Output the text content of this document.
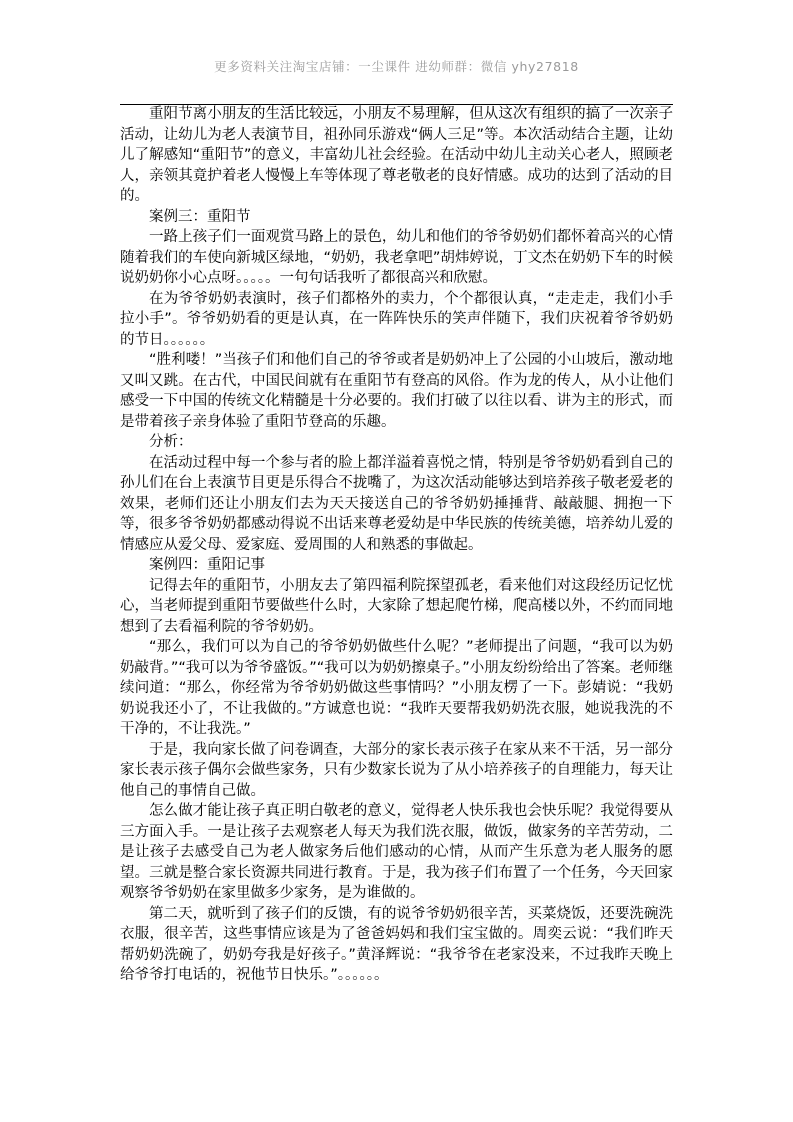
更多资料关注淘宝店铺：一尘课件 进幼师群：微信 yhy27818

重阳节离小朋友的生活比较远，小朋友不易理解，但从这次有组织的搞了一次亲子活动，让幼儿为老人表演节目，祖孙同乐游戏“俩人三足”等。本次活动结合主题，让幼儿了解感知“重阳节”的意义，丰富幼儿社会经验。在活动中幼儿主动关心老人，照顾老人，亲领其竟护着老人慢慢上车等体现了尊老敬老的良好情感。成功的达到了活动的目的。

案例三：重阳节

一路上孩子们一面观赏马路上的景色，幼儿和他们的爷爷奶奶们都怀着高兴的心情随着我们的车使向新城区绿地，“奶奶，我老拿吧”胡炜婷说，丁文杰在奶奶下车的时候说奶奶你小心点呀。。。。。一句句话我听了都很高兴和欣慰。

在为爷爷奶奶表演时，孩子们都格外的卖力，个个都很认真，“走走走，我们小手拉小手”。爷爷奶奶看的更是认真，在一阵阵快乐的笑声伴随下，我们庆祝着爷爷奶奶的节日。。。。。。

“胜利喽！”当孩子们和他们自己的爷爷或者是奶奶冲上了公园的小山坡后，激动地又叫又跳。在古代，中国民间就有在重阳节有登高的风俗。作为龙的传人，从小让他们感受一下中国的传统文化精髓是十分必要的。我们打破了以往以看、讲为主的形式，而是带着孩子亲身体验了重阳节登高的乐趣。

分析：

在活动过程中每一个参与者的脸上都洋溢着喜悦之情，特别是爷爷奶奶看到自己的孙儿们在台上表演节目更是乐得合不拢嘴了，为这次活动能够达到培养孩子敬老爱老的效果，老师们还让小朋友们去为天天接送自己的爷爷奶奶捶捶背、敲敲腿、拥抱一下等，很多爷爷奶奶都感动得说不出话来尊老爱幼是中华民族的传统美德，培养幼儿爱的情感应从爱父母、爱家庭、爱周围的人和熟悉的事做起。

案例四：重阳记事

记得去年的重阳节，小朋友去了第四福利院探望孤老，看来他们对这段经历记忆忧心，当老师提到重阳节要做些什么时，大家除了想起爬竹梯，爬高楼以外，不约而同地想到了去看福利院的爷爷奶奶。

“那么，我们可以为自己的爷爷奶奶做些什么呢？”老师提出了问题，“我可以为奶奶敲背。”“我可以为爷爷盛饭。”“我可以为奶奶擦桌子。”小朋友纷纷给出了答案。老师继续问道：“那么，你经常为爷爷奶奶做这些事情吗？”小朋友楞了一下。彭婧说：“我奶奶说我还小了，不让我做的。”方诚意也说：“我昨天要帮我奶奶洗衣服，她说我洗的不干净的，不让我洗。”

于是，我向家长做了问卷调查，大部分的家长表示孩子在家从来不干活，另一部分家长表示孩子偶尔会做些家务，只有少数家长说为了从小培养孩子的自理能力，每天让他自己的事情自己做。

怎么做才能让孩子真正明白敬老的意义，觉得老人快乐我也会快乐呢？我觉得要从三方面入手。一是让孩子去观察老人每天为我们洗衣服，做饭，做家务的辛苦劳动，二是让孩子去感受自己为老人做家务后他们感动的心情，从而产生乐意为老人服务的愿望。三就是整合家长资源共同进行教育。于是，我为孩子们布置了一个任务，今天回家观察爷爷奶奶在家里做多少家务，是为谁做的。

第二天，就听到了孩子们的反馈，有的说爷爷奶奶很辛苦，买菜烧饭，还要洗碗洗衣服，很辛苦，这些事情应该是为了爸爸妈妈和我们宝宝做的。周奕云说：“我们昨天帮奶奶洗碗了，奶奶夸我是好孩子。”黄泽辉说：“我爷爷在老家没来，不过我昨天晚上给爷爷打电话的，祝他节日快乐。”。。。。。。
